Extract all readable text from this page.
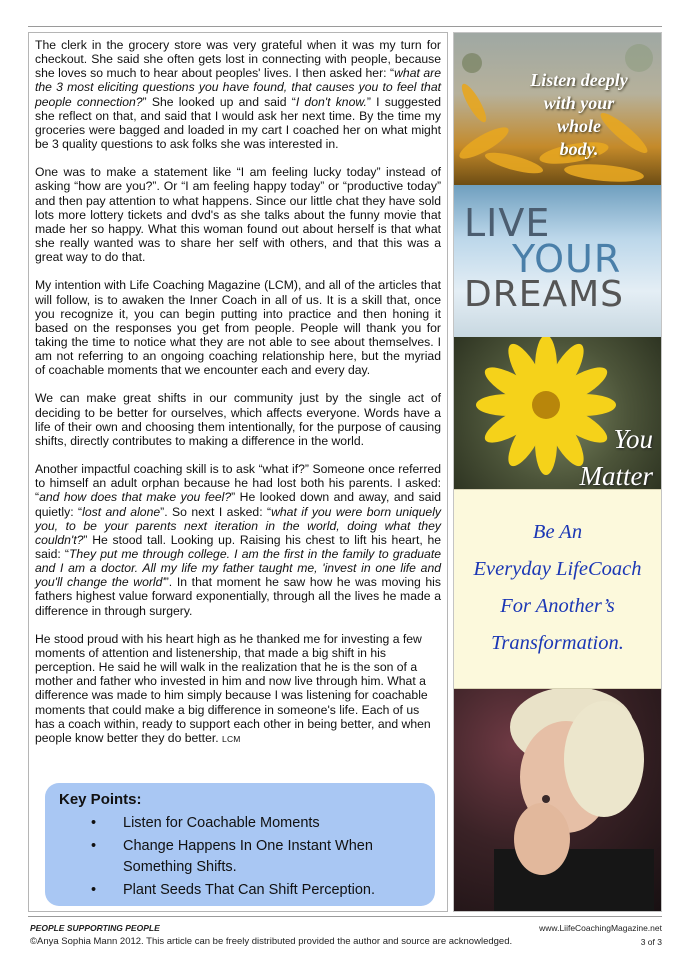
The clerk in the grocery store was very grateful when it was my turn for checkout. She said she often gets lost in connecting with people, because she loves so much to hear about peoples' lives. I then asked her: “what are the 3 most eliciting questions you have found, that causes you to feel that people connection?” She looked up and said “I don't know.” I suggested she reflect on that, and said that I would ask her next time. By the time my groceries were bagged and loaded in my cart I coached her on what might be 3 quality questions to ask folks she was interested in.

One was to make a statement like “I am feeling lucky today” instead of asking “how are you?”. Or “I am feeling happy today” or “productive today” and then pay attention to what happens. Since our little chat they have sold lots more lottery tickets and dvd's as she talks about the funny movie that made her so happy. What this woman found out about herself is that what she really wanted was to share her self with others, and that this was a great way to do that.

My intention with Life Coaching Magazine (LCM), and all of the articles that will follow, is to awaken the Inner Coach in all of us. It is a skill that, once you recognize it, you can begin putting into practice and then honing it based on the responses you get from people. People will thank you for taking the time to notice what they are not able to see about themselves. I am not referring to an ongoing coaching relationship here, but the myriad of coachable moments that we encounter each and every day.

We can make great shifts in our community just by the single act of deciding to be better for ourselves, which affects everyone. Words have a life of their own and choosing them intentionally, for the purpose of causing shifts, directly contributes to making a difference in the world.

Another impactful coaching skill is to ask “what if?” Someone once referred to himself an adult orphan because he had lost both his parents. I asked: “and how does that make you feel?” He looked down and away, and said quietly: “lost and alone”. So next I asked: “what if you were born uniquely you, to be your parents next iteration in the world, doing what they couldn't?” He stood tall. Looking up. Raising his chest to lift his heart, he said: “They put me through college. I am the first in the family to graduate and I am a doctor. All my life my father taught me, 'invest in one life and you'll change the world'”. In that moment he saw how he was moving his fathers highest value forward exponentially, through all the lives he made a difference in through surgery.

He stood proud with his heart high as he thanked me for investing a few moments of attention and listenership, that made a big shift in his perception. He said he will walk in the realization that he is the son of a mother and father who invested in him and now live through him. What a difference was made to him simply because I was listening for coachable moments that could make a big difference in someone's life. Each of us has a coach within, ready to support each other in being better, and when people know better they do better. LCM

Key Points:
• Listen for Coachable Moments
• Change Happens In One Instant When Something Shifts.
• Plant Seeds That Can Shift Perception.
Listen deeply
with your
whole
body.
LIVE
YOUR
DREAMS
You
Matter
Be An
Everyday LifeCoach
For Another’s
Transformation.
PEOPLE SUPPORTING PEOPLE	www.LiifeCoachingMagazine.net
©Anya Sophia Mann 2012. This article can be freely distributed provided the author and source are acknowledged.	3 of 3
